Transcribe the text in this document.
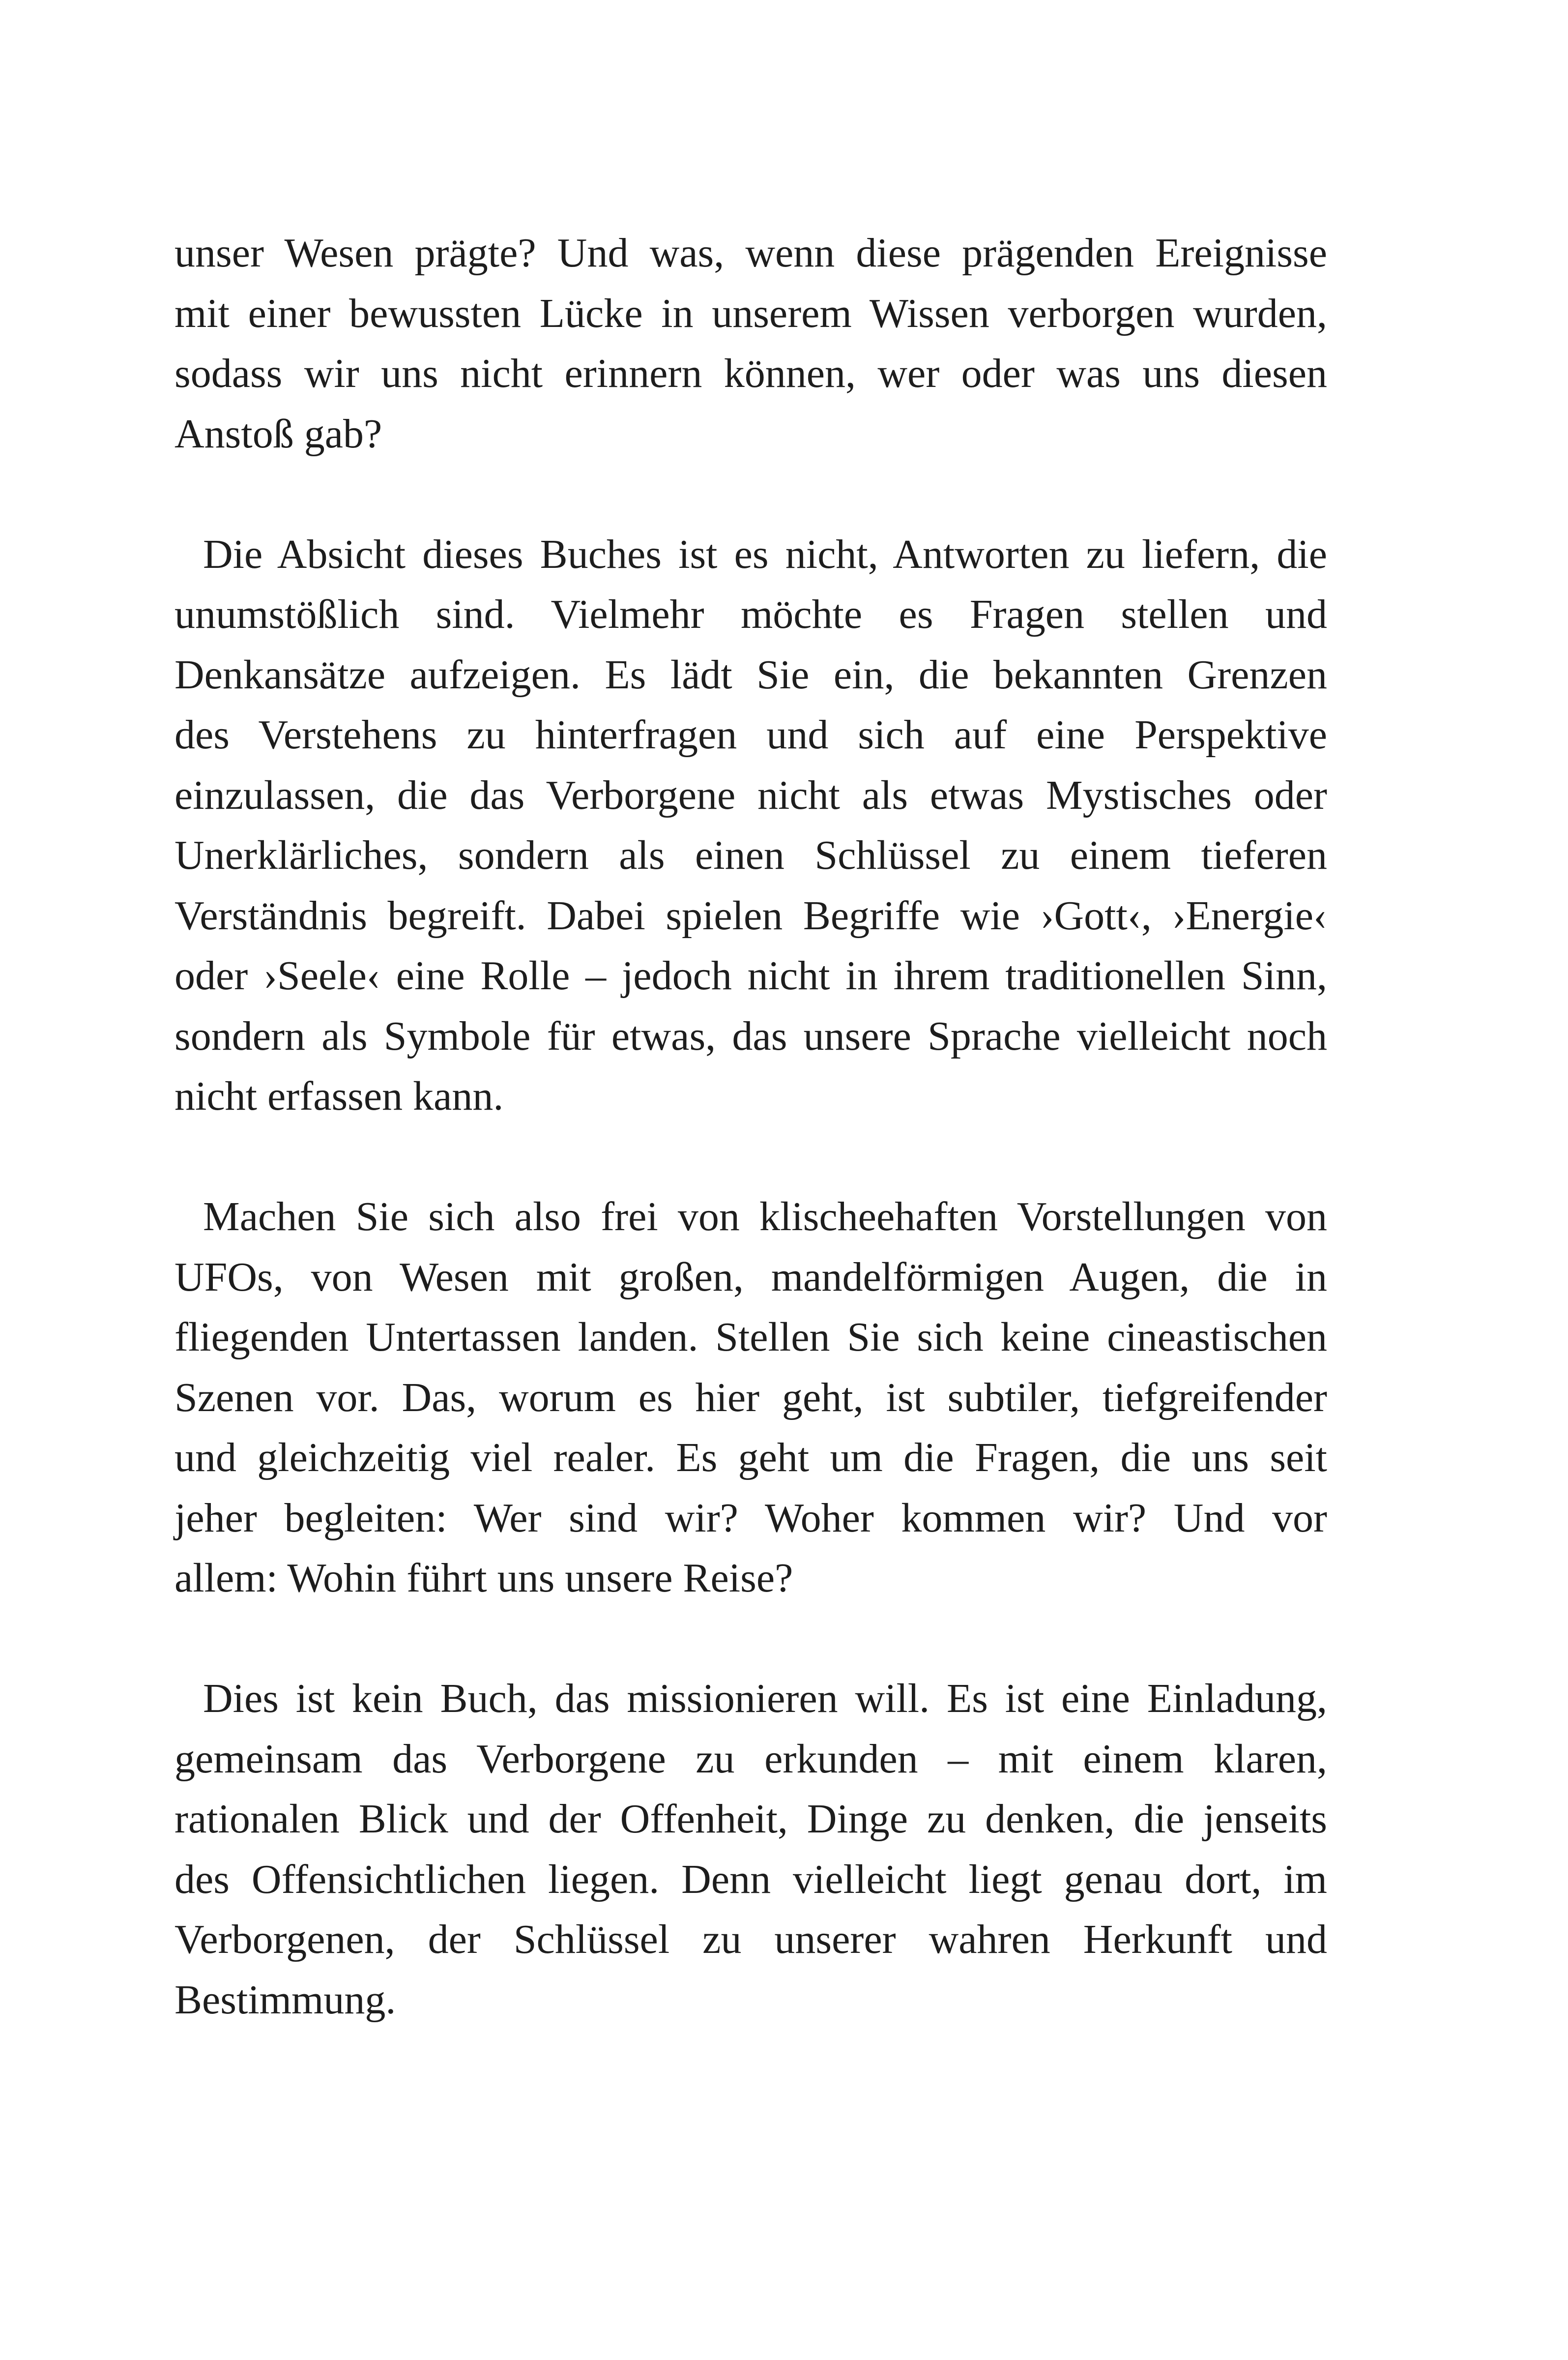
unser Wesen prägte? Und was, wenn diese prägenden Ereignisse
mit einer bewussten Lücke in unserem Wissen verborgen wurden,
sodass wir uns nicht erinnern können, wer oder was uns diesen
Anstoß gab?

Die Absicht dieses Buches ist es nicht, Antworten zu liefern, die
unumstößlich sind. Vielmehr möchte es Fragen stellen und
Denkansätze aufzeigen. Es lädt Sie ein, die bekannten Grenzen
des Verstehens zu hinterfragen und sich auf eine Perspektive
einzulassen, die das Verborgene nicht als etwas Mystisches oder
Unerklärliches, sondern als einen Schlüssel zu einem tieferen
Verständnis begreift. Dabei spielen Begriffe wie ›Gott‹, ›Energie‹
oder ›Seele‹ eine Rolle – jedoch nicht in ihrem traditionellen Sinn,
sondern als Symbole für etwas, das unsere Sprache vielleicht noch
nicht erfassen kann.

Machen Sie sich also frei von klischeehaften Vorstellungen von
UFOs, von Wesen mit großen, mandelförmigen Augen, die in
fliegenden Untertassen landen. Stellen Sie sich keine cineastischen
Szenen vor. Das, worum es hier geht, ist subtiler, tiefgreifender
und gleichzeitig viel realer. Es geht um die Fragen, die uns seit
jeher begleiten: Wer sind wir? Woher kommen wir? Und vor
allem: Wohin führt uns unsere Reise?

Dies ist kein Buch, das missionieren will. Es ist eine Einladung,
gemeinsam das Verborgene zu erkunden – mit einem klaren,
rationalen Blick und der Offenheit, Dinge zu denken, die jenseits
des Offensichtlichen liegen. Denn vielleicht liegt genau dort, im
Verborgenen, der Schlüssel zu unserer wahren Herkunft und
Bestimmung.
